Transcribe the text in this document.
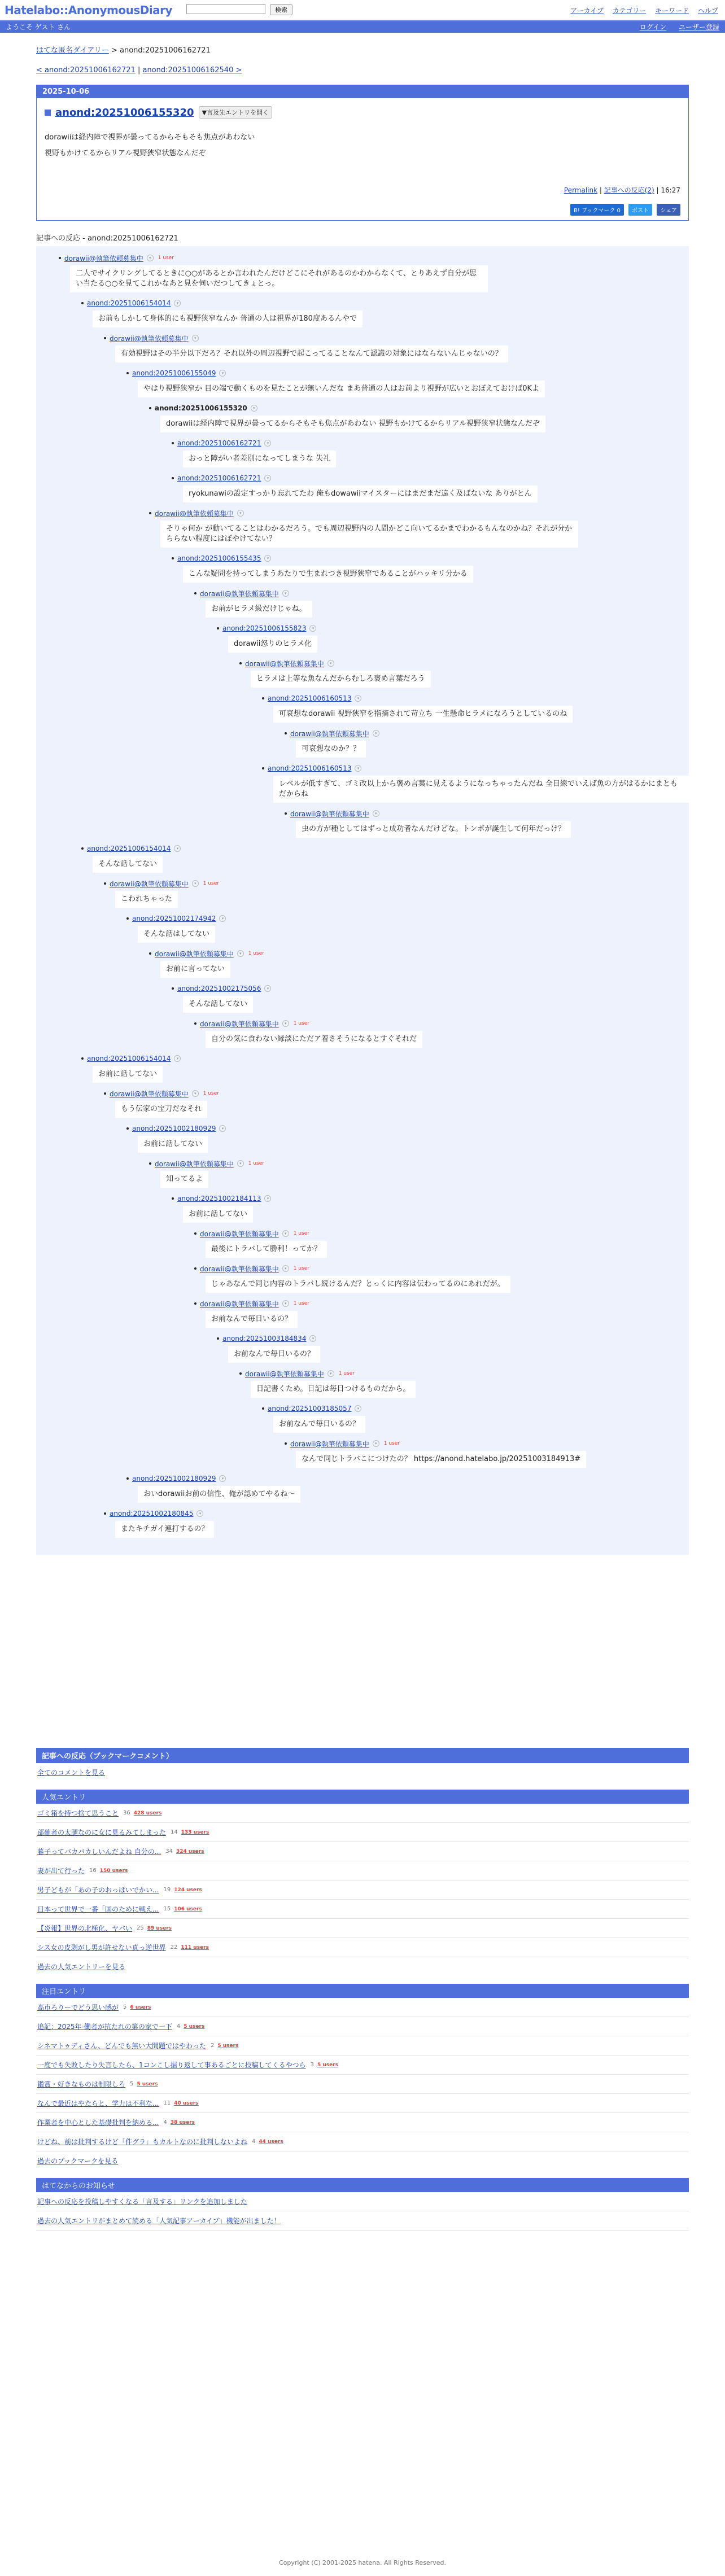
Hatelabo::AnonymousDiary	検索	アーカイブ カテゴリー キーワード ヘルプ
ようこそ ゲスト さん	ログイン ユーザー登録
はてな匿名ダイアリー > anond:20251006162721
< anond:20251006162721 | anond:20251006162540 >
2025-10-06
anond:20251006155320	▼言及先エントリを開く

dorawiiは経内障で視界が曇ってるからそもそも焦点があわない

視野もかけてるからリアル視野狭窄状態なんだぞ

Permalink | 記事への反応(2) | 16:27
B! ブックマーク 0 ポスト シェア
記事への反応 - anond:20251006162721
dorawii@執筆依頼募集中	▾	1 user
二人でサイクリングしてるときに○○があるとか言われたんだけどこにそれがあるのかわからなくて、とりあえず自分が思い当たる○○を見てこれかなあと見を伺いだつしてきょとっ。
anond:20251006154014	▾
お前もしかして身体的にも視野狭窄なんか 普通の人は視界が180度あるんやで
dorawii@執筆依頼募集中	▾
有効視野はその半分以下だろ？それ以外の周辺視野で起こってることなんて認識の対象にはならないんじゃないの？
anond:20251006155049	▾
やはり視野狭窄か 目の端で動くものを見たことが無いんだな まあ普通の人はお前より視野が広いとおぼえておけば0Kよ
anond:20251006155320	▾
dorawiiは経内障で視界が曇ってるからそもそも焦点があわない 視野もかけてるからリアル視野狭窄状態なんだぞ
anond:20251006162721	▾
おっと障がい者差別になってしまうな 失礼
anond:20251006162721	▾
ryokunawiの設定すっかり忘れてたわ 俺もdowawiiマイスターにはまだまだ遠く及ばないな ありがとん
dorawii@執筆依頼募集中	▾
そりゃ何か が動いてることはわかるだろう。でも周辺視野内の人間かどこ向いてるかまでわかるもんなのかね？それが分かららない程度にはぼやけてない？
anond:20251006155435	▾
こんな疑問を持ってしまうあたりで生まれつき視野狭窄であることがハッキリ分かる
dorawii@執筆依頼募集中	▾
お前がヒラメ級だけじゃね。
anond:20251006155823	▾
dorawii怒りのヒラメ化
dorawii@執筆依頼募集中	▾
ヒラメは上等な魚なんだからむしろ褒め言葉だろう
anond:20251006160513	▾
可哀想なdorawii 視野狭窄を指摘されて苛立ち 一生懸命ヒラメになろうとしているのね
dorawii@執筆依頼募集中	▾
可哀想なのか？？
anond:20251006160513	▾
レベルが低すぎて、ゴミ改以上から褒め言葉に見えるようになっちゃったんだね 全目線でいえば魚の方がはるかにまともだからね
dorawii@執筆依頼募集中	▾
虫の方が種としてはずっと成功者なんだけどな。トンボが誕生して何年だっけ？
anond:20251006154014	▾
そんな話してない
dorawii@執筆依頼募集中	▾	1 user
こわれちゃった
anond:20251002174942	▾
そんな話はしてない
dorawii@執筆依頼募集中	▾	1 user
お前に言ってない
anond:20251002175056	▾
そんな話してない
dorawii@執筆依頼募集中	▾	1 user
自分の気に食わない縁談にただア着さそうになるとすぐそれだ
anond:20251006154014	▾
お前に話してない
dorawii@執筆依頼募集中	▾	1 user
もう伝家の宝刀だなそれ
anond:20251002180929	▾
お前に話してない
dorawii@執筆依頼募集中	▾	1 user
知ってるよ
anond:20251002184113	▾
お前に話してない
dorawii@執筆依頼募集中	▾	1 user
最後にトラバして勝利！ってか？
dorawii@執筆依頼募集中	▾	1 user
じゃあなんで同じ内容のトラバし続けるんだ？とっくに内容は伝わってるのにあれだが。
dorawii@執筆依頼募集中	▾	1 user
お前なんで毎日いるの？
anond:20251003184834	▾
お前なんで毎日いるの？
dorawii@執筆依頼募集中	▾	1 user
日記書くため。日記は毎日つけるものだから。
anond:20251003185057	▾
お前なんで毎日いるの？
dorawii@執筆依頼募集中	▾	1 user
なんで同じトラバこにつけたの？ https://anond.hatelabo.jp/20251003184913#
anond:20251002180929	▾
おいdorawiiお前の信性、俺が認めてやるね〜
anond:20251002180845	▾
またキチガイ連打するの？
記事への反応（ブックマークコメント）
全てのコメントを見る
人気エントリ
ゴミ箱を持つ捨て思うこと 36 428 users
部確者の太腿なのに女に見るみてしまった 14 133 users
暮子ってバカバカしいんだよね 自分の... 34 324 users
妻が出て行った 16 150 users
男子どもが「あの子のおっぱいでかい... 19 124 users
日本って世界で一番「国のために戦え... 15 106 users
【炎報】世界の北極化、ヤバい 25 89 users
シス女の皮剥がし男が許せない真っ逆世界 22 111 users
過去の人気エントリーを見る
注目エントリ
高市ろりーでどう思い感が 5 6 users
追記：2025年-働者が抗たれの第の家で一下 4 5 users
シネマトゥディさん、どんでも無い大間題ではやわった 2 5 users
一度でも失敗したり失言したら、1コンこし掘り返して事あるごとに投稿してくるやつら 3 5 users
鑑賞・好きなものは制限しろ 5 5 users
なんで最近はやたらと、学力は不利な... 11 40 users
作業者を中心とした基礎批判を納める... 4 38 users
けどね、前は批判するけど「件グラ」もカルトなのに批判しないよね 4 44 users
過去のブックマークを見る
はてなからのお知らせ
記事への反応を投稿しやすくなる「言及する」リンクを追加しました
過去の人気エントリがまとめて読める「人気記事アーカイブ」機能が出ました！
Copyright (C) 2001-2025 hatena. All Rights Reserved.
